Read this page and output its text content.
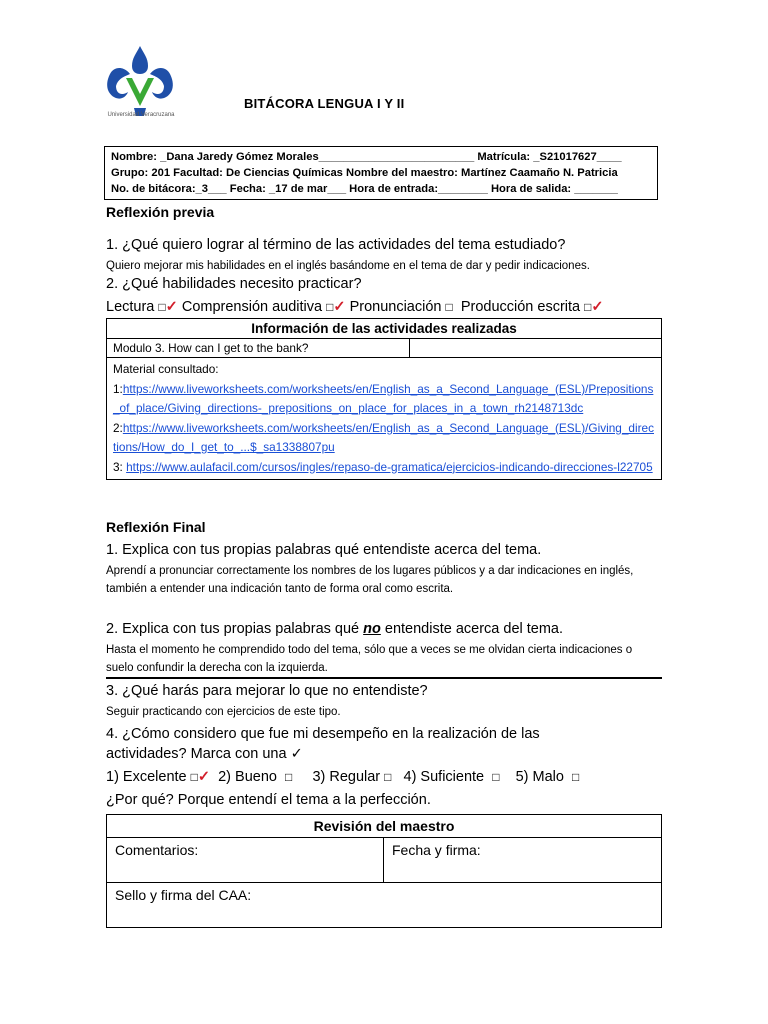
Universidad Veracruzana
BITÁCORA LENGUA I Y II
Nombre: _Dana Jaredy Gómez Morales_________________________ Matrícula: _S21017627____
Grupo: 201 Facultad: De Ciencias Químicas Nombre del maestro: Martínez Caamaño N. Patricia
No. de bitácora:_3___ Fecha: _17 de mar___ Hora de entrada:________ Hora de salida: _______
Reflexión previa
1. ¿Qué quiero lograr al término de las actividades del tema estudiado?
Quiero mejorar mis habilidades en el inglés basándome en el tema de dar y pedir indicaciones.
2. ¿Qué habilidades necesito practicar?
Lectura □✓ Comprensión auditiva □✓ Pronunciación □ Producción escrita □✓
Información de las actividades realizadas
Modulo 3. How can I get to the bank?	

Material consultado:
1:https://www.liveworksheets.com/worksheets/en/English_as_a_Second_Language_(ESL)/Prepositions_of_place/Giving_directions-_prepositions_on_place_for_places_in_a_town_rh2148713dc
2:https://www.liveworksheets.com/worksheets/en/English_as_a_Second_Language_(ESL)/Giving_directions/How_do_I_get_to_...$_sa1338807pu
3: https://www.aulafacil.com/cursos/ingles/repaso-de-gramatica/ejercicios-indicando-direcciones-l22705
Reflexión Final
1. Explica con tus propias palabras qué entendiste acerca del tema.
Aprendí a pronunciar correctamente los nombres de los lugares públicos y a dar indicaciones en inglés, también a entender una indicación tanto de forma oral como escrita.
2. Explica con tus propias palabras qué no entendiste acerca del tema.
Hasta el momento he comprendido todo del tema, sólo que a veces se me olvidan cierta indicaciones o suelo confundir la derecha con la izquierda.
3. ¿Qué harás para mejorar lo que no entendiste?
Seguir practicando con ejercicios de este tipo.
4. ¿Cómo considero que fue mi desempeño en la realización de las actividades? Marca con una ✓
1) Excelente □✓ 2) Bueno □ 3) Regular □ 4) Suficiente □ 5) Malo □
¿Por qué? Porque entendí el tema a la perfección.
Revisión del maestro
Comentarios:	Fecha y firma:
Sello y firma del CAA:
